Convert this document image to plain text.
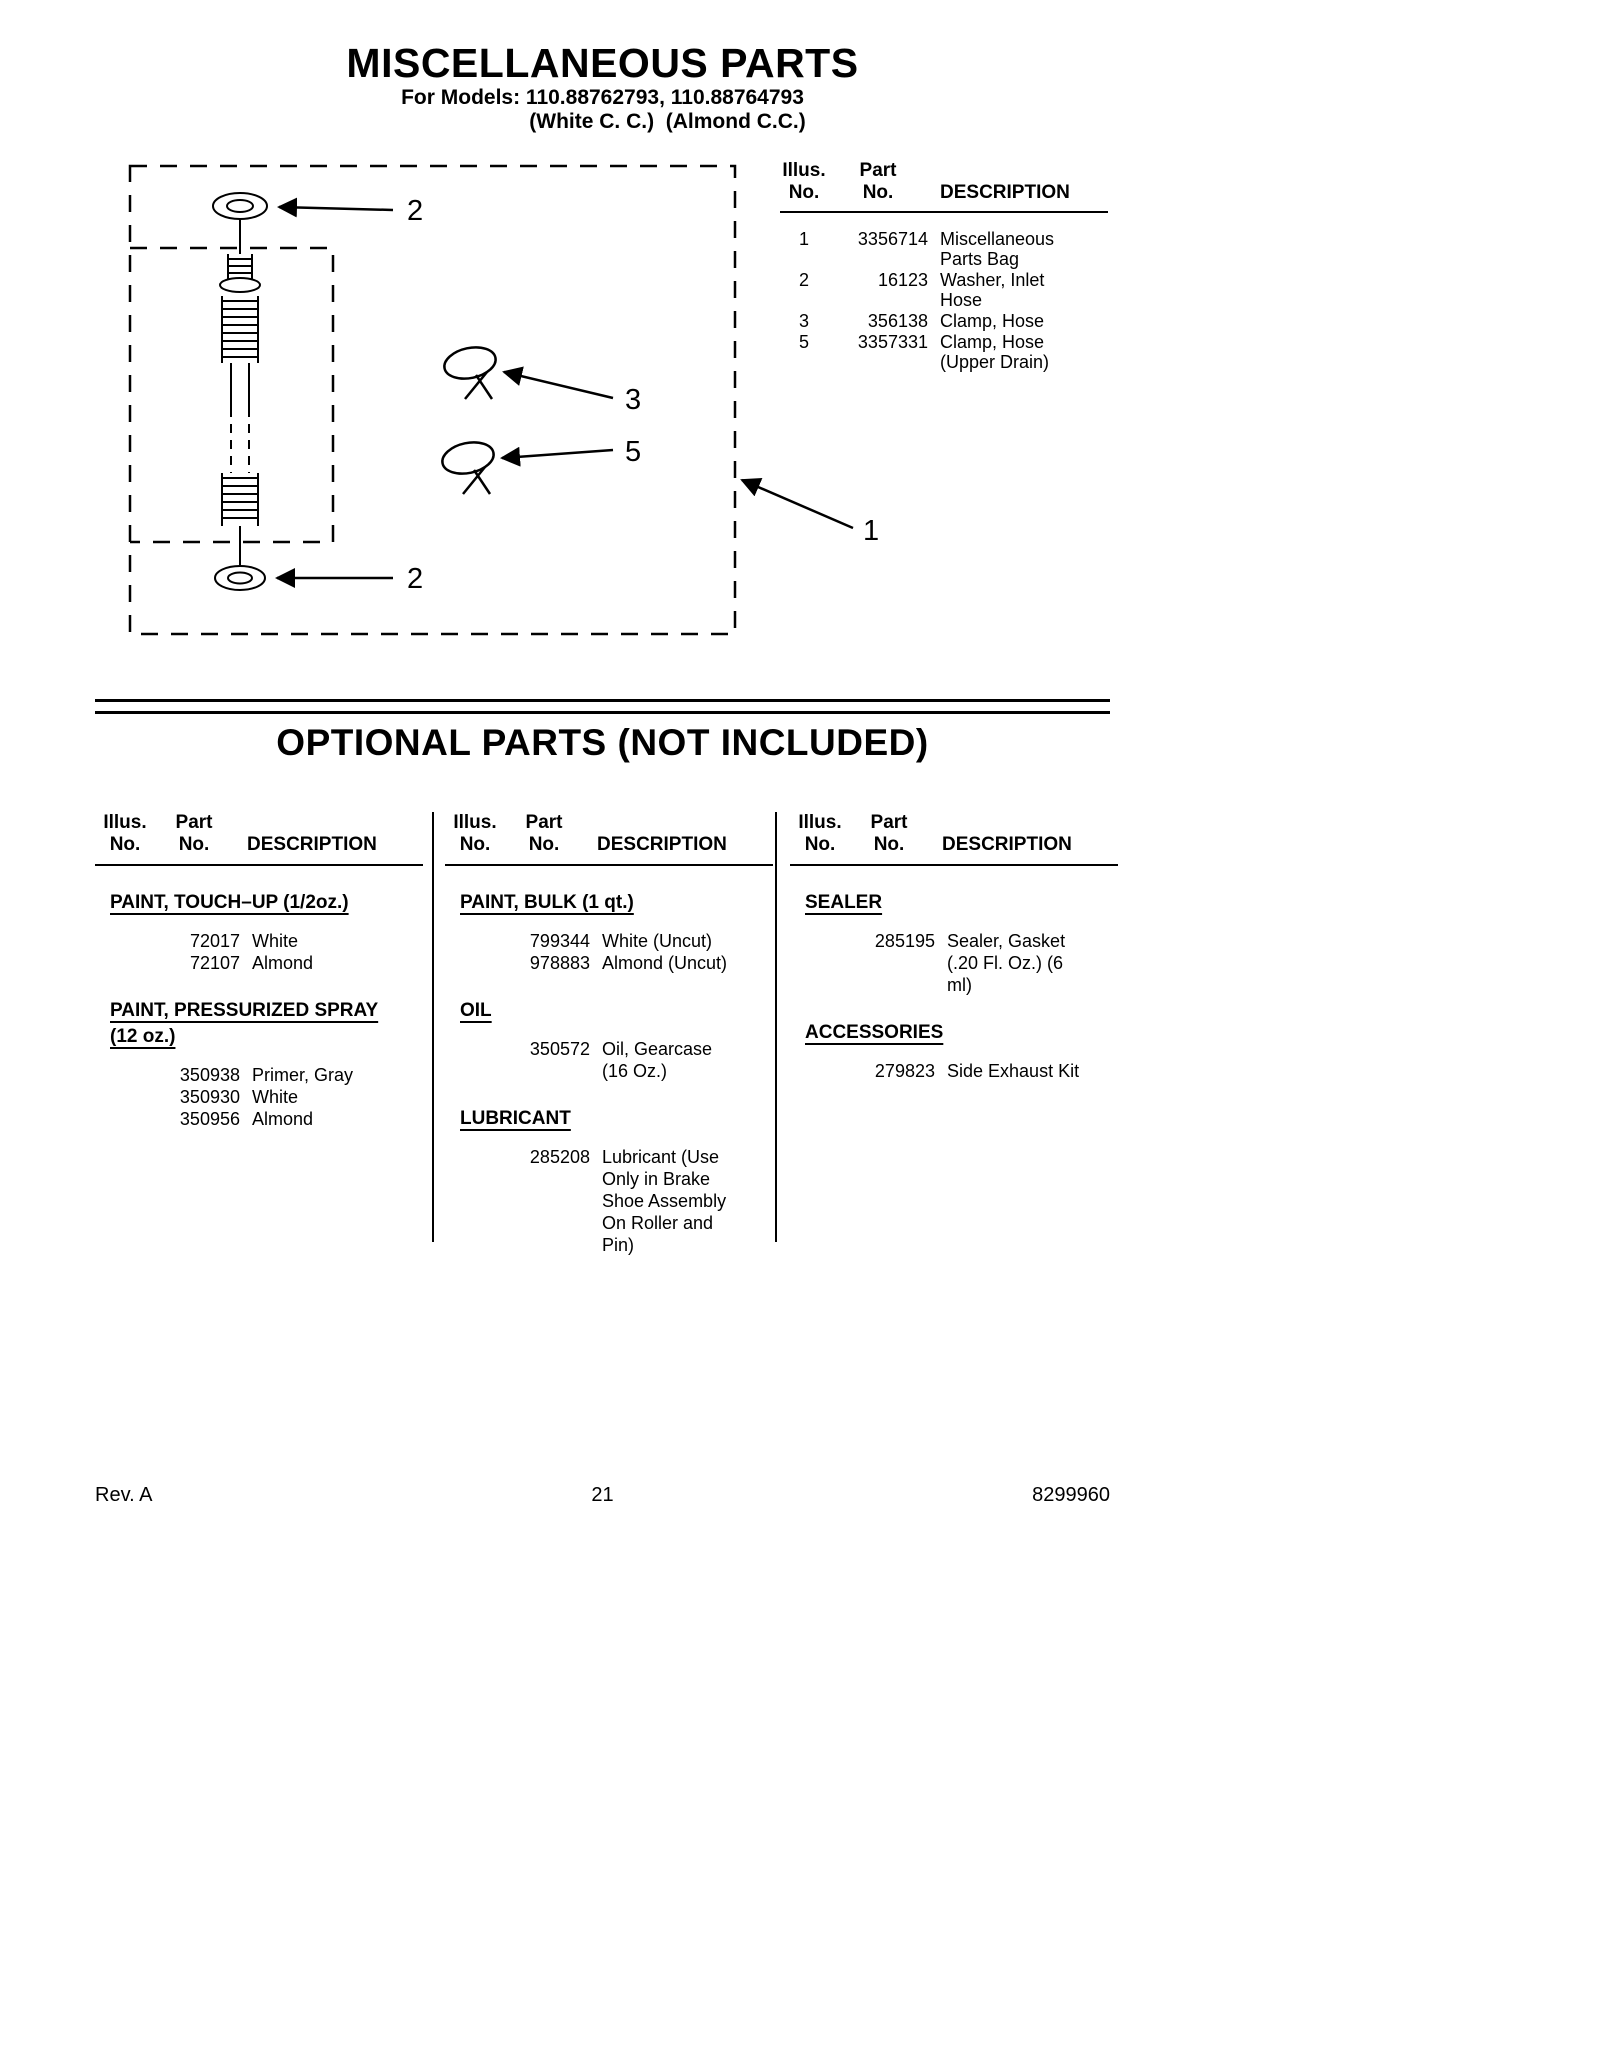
MISCELLANEOUS PARTS
For Models: 110.88762793, 110.88764793
(White C. C.)  (Almond C.C.)
2
3
5
1
2
Illus.	Part
No.	No.	DESCRIPTION
1	3356714 Miscellaneous Parts Bag
2	16123 Washer, Inlet Hose
3	356138 Clamp, Hose
5	3357331 Clamp, Hose (Upper Drain)
OPTIONAL PARTS (NOT INCLUDED)
Illus.	Part
No.	No.	DESCRIPTION
PAINT, TOUCH–UP (1/2oz.)
72017 White
72107 Almond
PAINT, PRESSURIZED SPRAY (12 oz.)
350938 Primer, Gray
350930 White
350956 Almond
Illus.	Part
No.	No.	DESCRIPTION
PAINT, BULK (1 qt.)
799344 White (Uncut)
978883 Almond (Uncut)
OIL
350572 Oil, Gearcase (16 Oz.)
LUBRICANT
285208 Lubricant (Use Only in Brake Shoe Assembly On Roller and Pin)
Illus.	Part
No.	No.	DESCRIPTION
SEALER
285195 Sealer, Gasket (.20 Fl. Oz.) (6 ml)
ACCESSORIES
279823 Side Exhaust Kit
Rev. A	21	8299960
